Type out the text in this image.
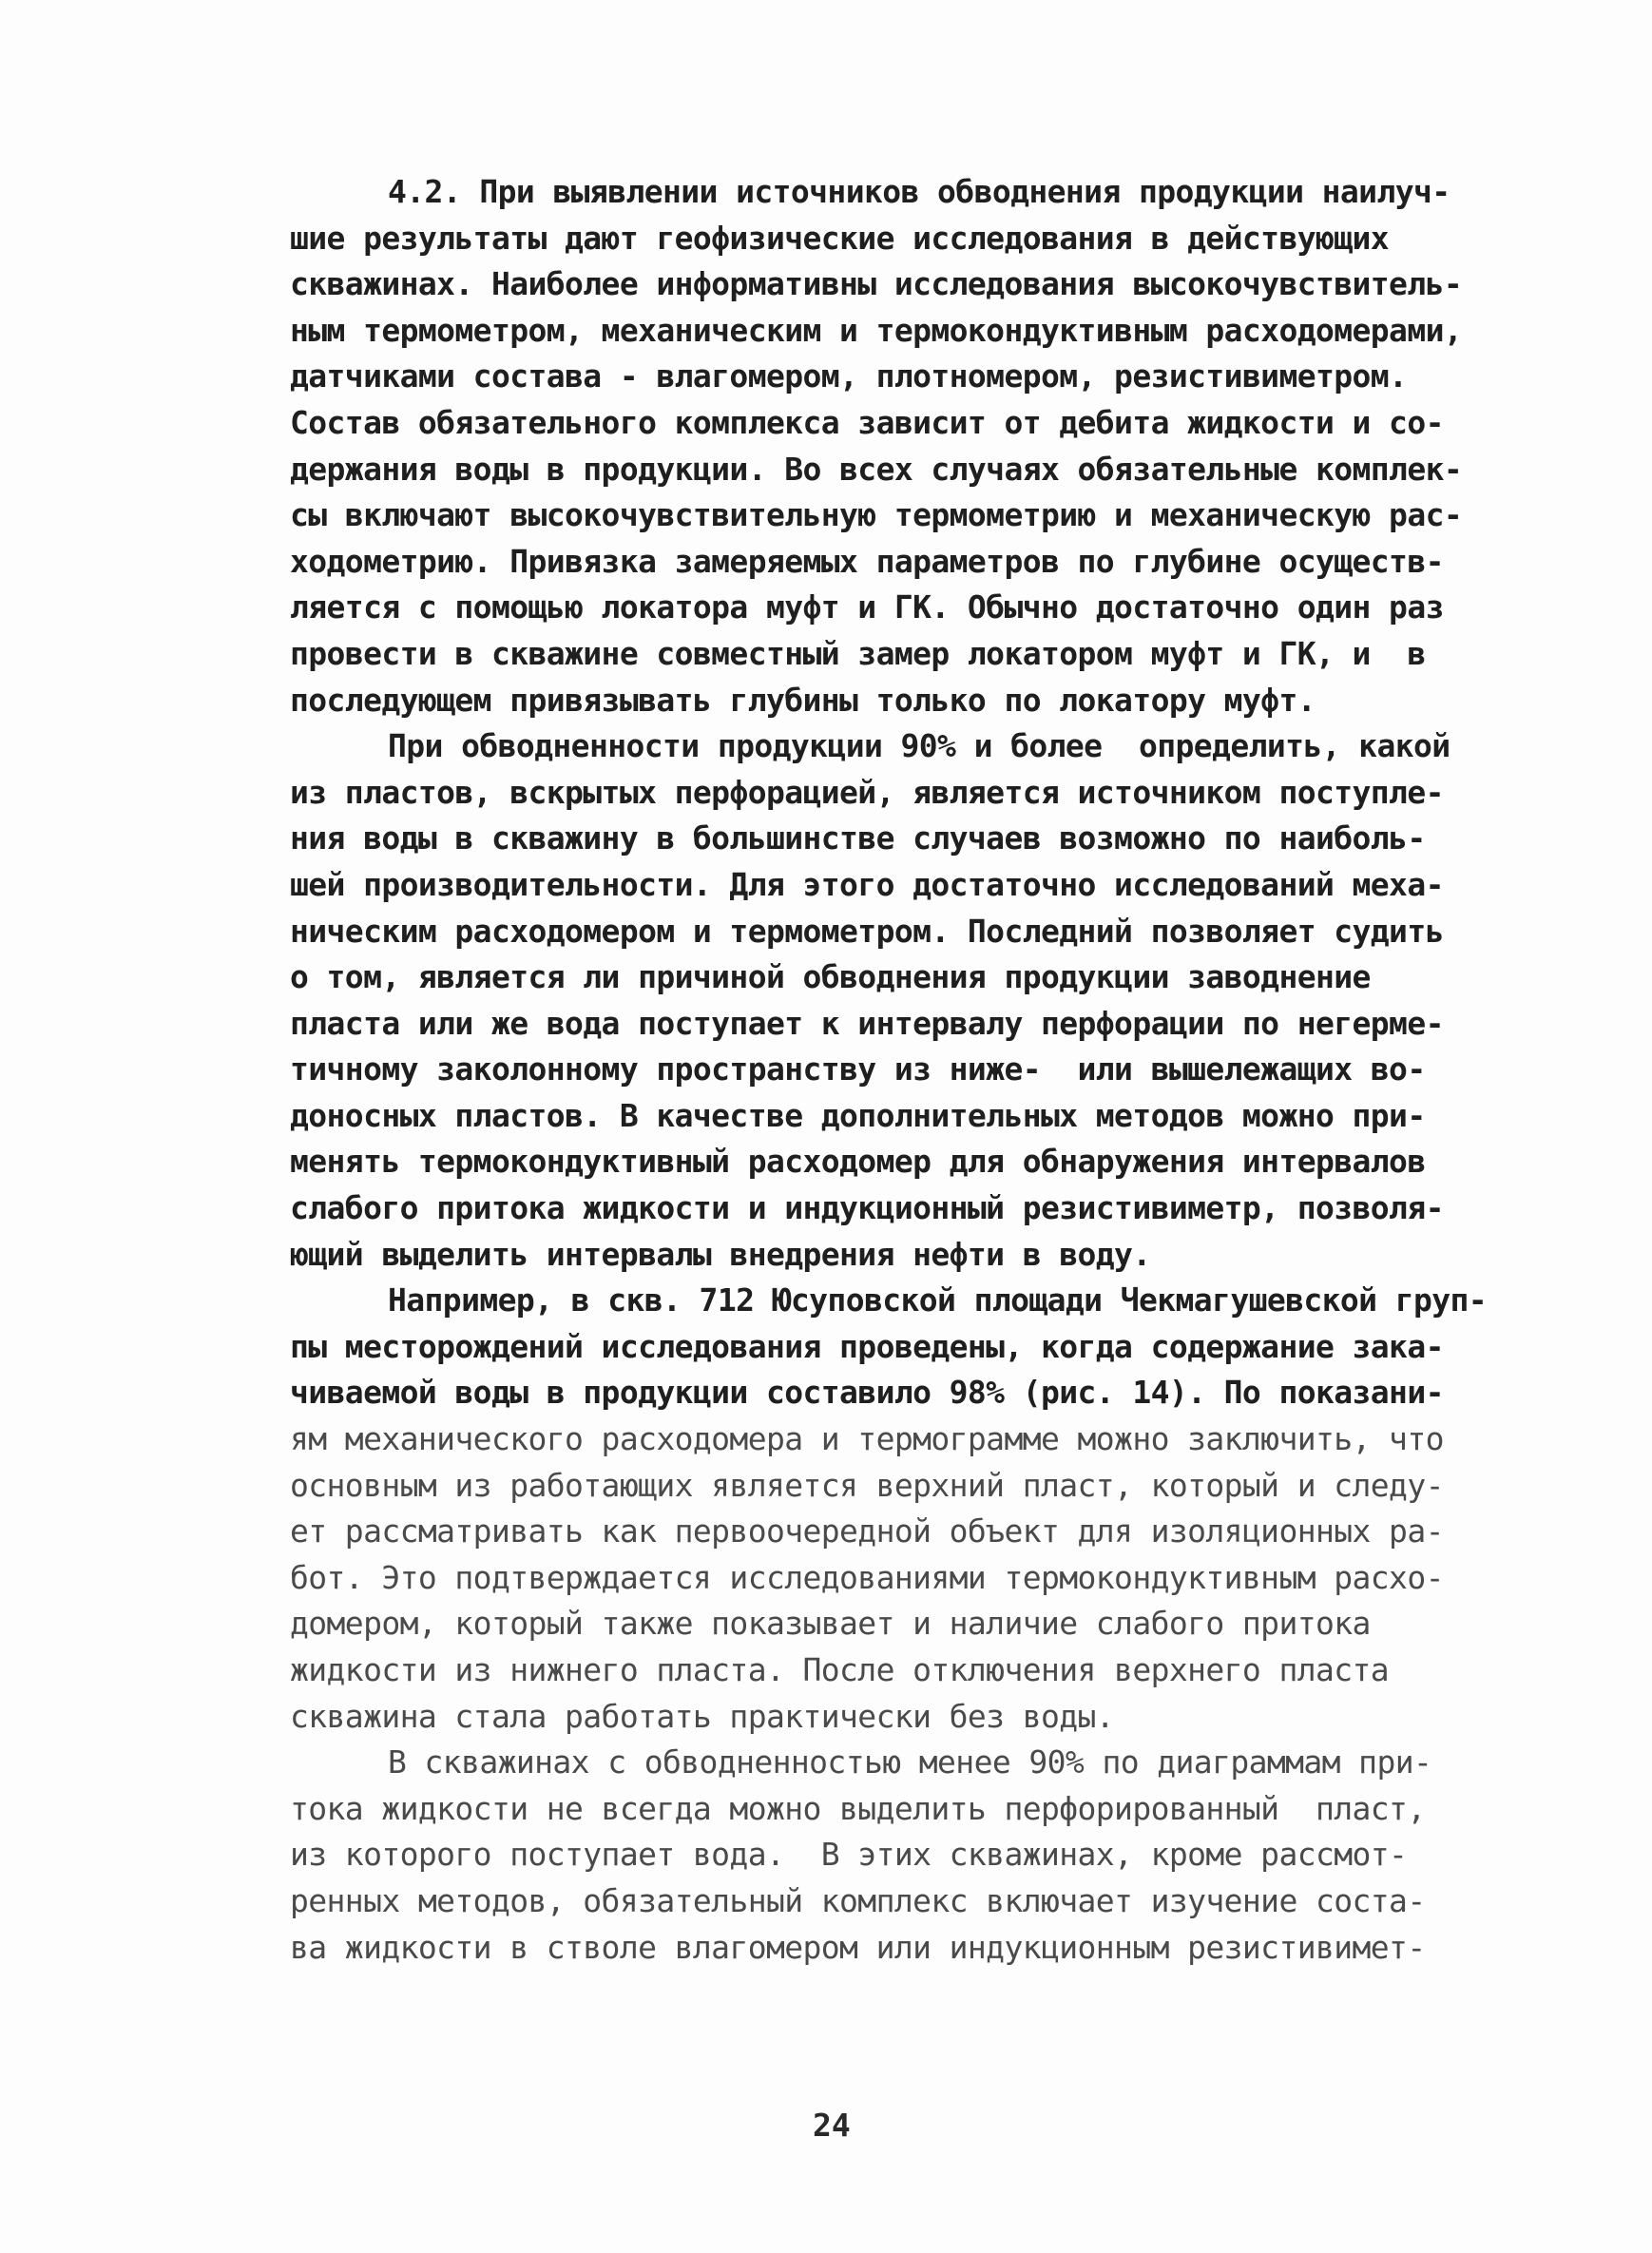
4.2. При выявлении источников обводнения продукции наилуч-
шие результаты дают геофизические исследования в действующих
скважинах. Наиболее информативны исследования высокочувствитель-
ным термометром, механическим и термокондуктивным расходомерами,
датчиками состава - влагомером, плотномером, резистивиметром.
Состав обязательного комплекса зависит от дебита жидкости и со-
держания воды в продукции. Во всех случаях обязательные комплек-
сы включают высокочувствительную термометрию и механическую рас-
ходометрию. Привязка замеряемых параметров по глубине осуществ-
ляется с помощью локатора муфт и ГК. Обычно достаточно один раз
провести в скважине совместный замер локатором муфт и ГК, и  в
последующем привязывать глубины только по локатору муфт.
При обводненности продукции 90% и более  определить, какой
из пластов, вскрытых перфорацией, является источником поступле-
ния воды в скважину в большинстве случаев возможно по наиболь-
шей производительности. Для этого достаточно исследований меха-
ническим расходомером и термометром. Последний позволяет судить
о том, является ли причиной обводнения продукции заводнение
пласта или же вода поступает к интервалу перфорации по негерме-
тичному заколонному пространству из ниже-  или вышележащих во-
доносных пластов. В качестве дополнительных методов можно при-
менять термокондуктивный расходомер для обнаружения интервалов
слабого притока жидкости и индукционный резистивиметр, позволя-
ющий выделить интервалы внедрения нефти в воду.
Например, в скв. 712 Юсуповской площади Чекмагушевской груп-
пы месторождений исследования проведены, когда содержание зака-
чиваемой воды в продукции составило 98% (рис. 14). По показани-
ям механического расходомера и термограмме можно заключить, что
основным из работающих является верхний пласт, который и следу-
ет рассматривать как первоочередной объект для изоляционных ра-
бот. Это подтверждается исследованиями термокондуктивным расхо-
домером, который также показывает и наличие слабого притока
жидкости из нижнего пласта. После отключения верхнего пласта
скважина стала работать практически без воды.
В скважинах с обводненностью менее 90% по диаграммам при-
тока жидкости не всегда можно выделить перфорированный  пласт,
из которого поступает вода.  В этих скважинах, кроме рассмот-
ренных методов, обязательный комплекс включает изучение соста-
ва жидкости в стволе влагомером или индукционным резистивимет-
24
